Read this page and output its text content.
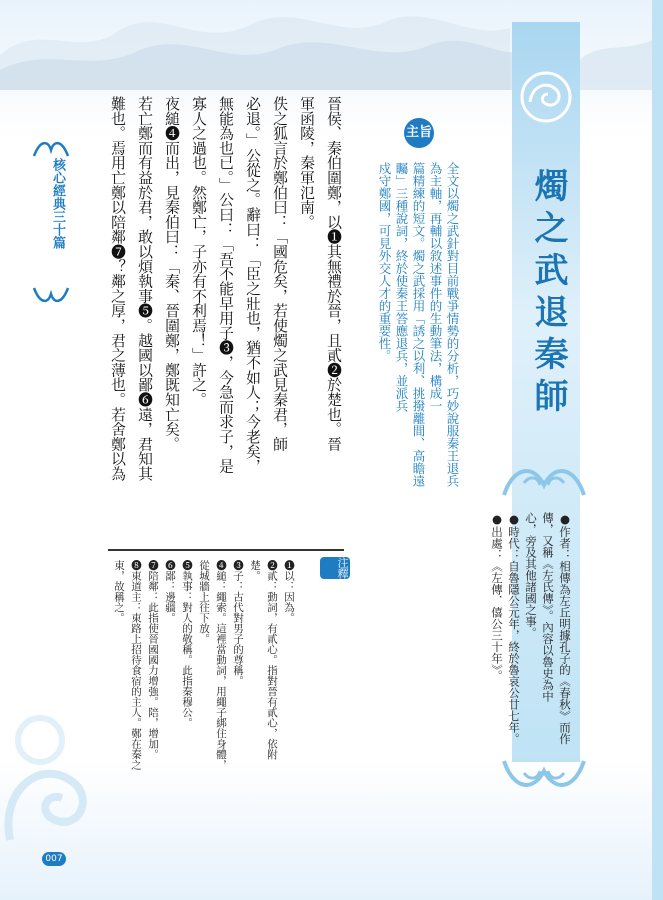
燭之武退秦師
●作者：相傳為左丘明據孔子的《春秋》而作
傳，又稱《左氏傳》。內容以魯史為中
心，旁及其他諸國之事。
●時代：自魯隱公元年，終於魯哀公廿七年。
●出處：《左傳．僖公三十年》。
主旨
全文以燭之武針對目前戰爭情勢的分析，巧妙說服秦王退兵為主軸，再輔以敘述事件的生動筆法，構成一
篇精練的短文。燭之武採用「誘之以利、挑撥離間、高瞻遠矚」三種說詞，終於使秦王答應退兵，並派兵
戍守鄭國，可見外交人才的重要性。
核心經典三十篇	晉侯、秦伯圍鄭，以❶其無禮於晉，且貳❷於楚也。晉
軍函陵，秦軍氾南。
佚之狐言於鄭伯曰：「國危矣，若使燭之武見秦君，師
必退。」公從之。辭曰：「臣之壯也，猶不如人；今老矣，
無能為也已。」公曰：「吾不能早用子❸，今急而求子，是
寡人之過也。然鄭亡，子亦有不利焉！」許之。
夜縋❹而出，見秦伯曰：「秦、晉圍鄭，鄭既知亡矣。
若亡鄭而有益於君，敢以煩執事❺。越國以鄙❻遠，君知其
難也。焉用亡鄭以陪鄰❼？鄰之厚，君之薄也。若舍鄭以為
注釋
❶以：因為。
❷貳：動詞，有貳心。指對晉有貳心，依附
楚。
❸子：古代對男子的尊稱。
❹縋：繩索。這裡當動詞，用繩子綁住身體，
從城牆上往下放。
❺執事：對人的敬稱。此指秦穆公。
❻鄙：邊疆。
❼陪鄰：此指使晉國國力增強。陪，增加。
❽東道主：東路上招待食宿的主人。鄭在秦之
東，故稱之。
007
